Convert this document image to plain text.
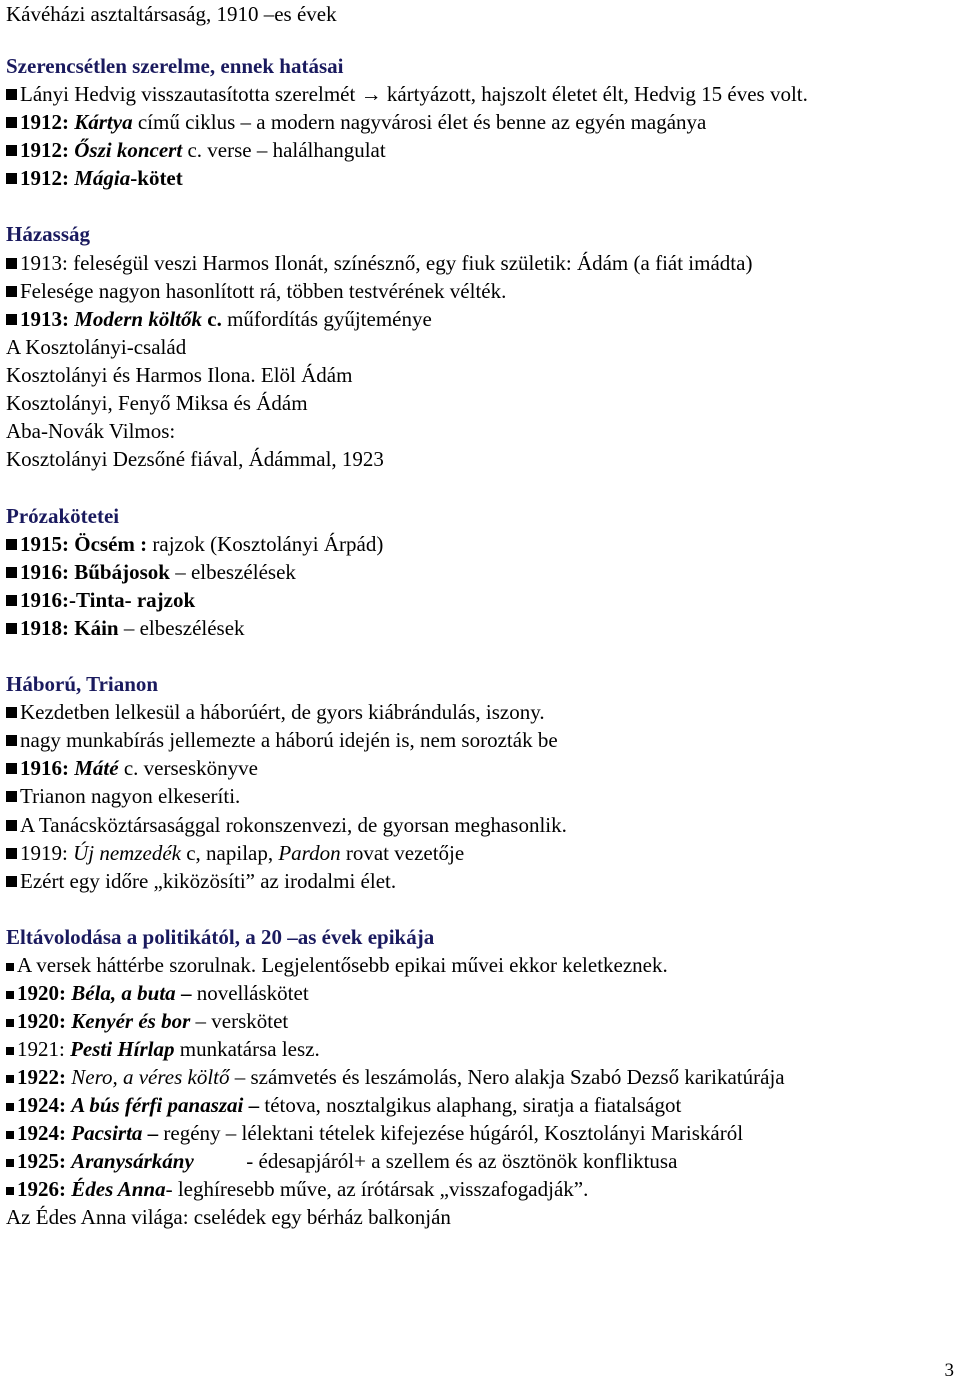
Kávéházi asztaltársaság, 1910 –es évek
Szerencsétlen szerelme, ennek hatásai
Lányi Hedvig visszautasította szerelmét → kártyázott, hajszolt életet élt, Hedvig 15 éves volt.
1912: Kártya című ciklus – a modern nagyvárosi élet és benne az egyén magánya
1912: Őszi koncert c. verse – halálhangulat
1912: Mágia-kötet
Házasság
1913: feleségül veszi Harmos Ilonát, színésznő, egy fiuk születik: Ádám (a fiát imádta)
Felesége nagyon hasonlított rá, többen testvérének vélték.
1913: Modern költők c. műfordítás gyűjteménye
A Kosztolányi-család
Kosztolányi és Harmos Ilona. Elöl Ádám
Kosztolányi, Fenyő Miksa és Ádám
Aba-Novák Vilmos:
Kosztolányi Dezsőné fiával, Ádámmal, 1923
Prózakötetei
1915: Öcsém : rajzok (Kosztolányi Árpád)
1916: Bűbájosok – elbeszélések
1916:-Tinta- rajzok
1918: Káin – elbeszélések
Háború, Trianon
Kezdetben lelkesül a háborúért, de gyors kiábrándulás, iszony.
nagy munkabírás jellemezte a háború idején is, nem sorozták be
1916: Máté c. verseskönyve
Trianon nagyon elkeseríti.
A Tanácsköztársasággal rokonszenvezi, de gyorsan meghasonlik.
1919: Új nemzedék c, napilap, Pardon rovat vezetője
Ezért egy időre „kiközösíti” az irodalmi élet.
Eltávolodása a politikától, a 20 –as évek epikája
A versek háttérbe szorulnak. Legjelentősebb epikai művei ekkor keletkeznek.
1920: Béla, a buta – novelláskötet
1920: Kenyér és bor – verskötet
1921: Pesti Hírlap munkatársa lesz.
1922: Nero, a véres költő – számvetés és leszámolás, Nero alakja Szabó Dezső karikatúrája
1924: A bús férfi panaszai – tétova, nosztalgikus alaphang, siratja a fiatalságot
1924: Pacsirta – regény – lélektani tételek kifejezése húgáról, Kosztolányi Mariskáról
1925: Aranysárkány          - édesapjáról+ a szellem és az ösztönök konfliktusa
1926: Édes Anna- leghíresebb műve, az írótársak „visszafogadják”.
Az Édes Anna világa: cselédek egy bérház balkonján
3
